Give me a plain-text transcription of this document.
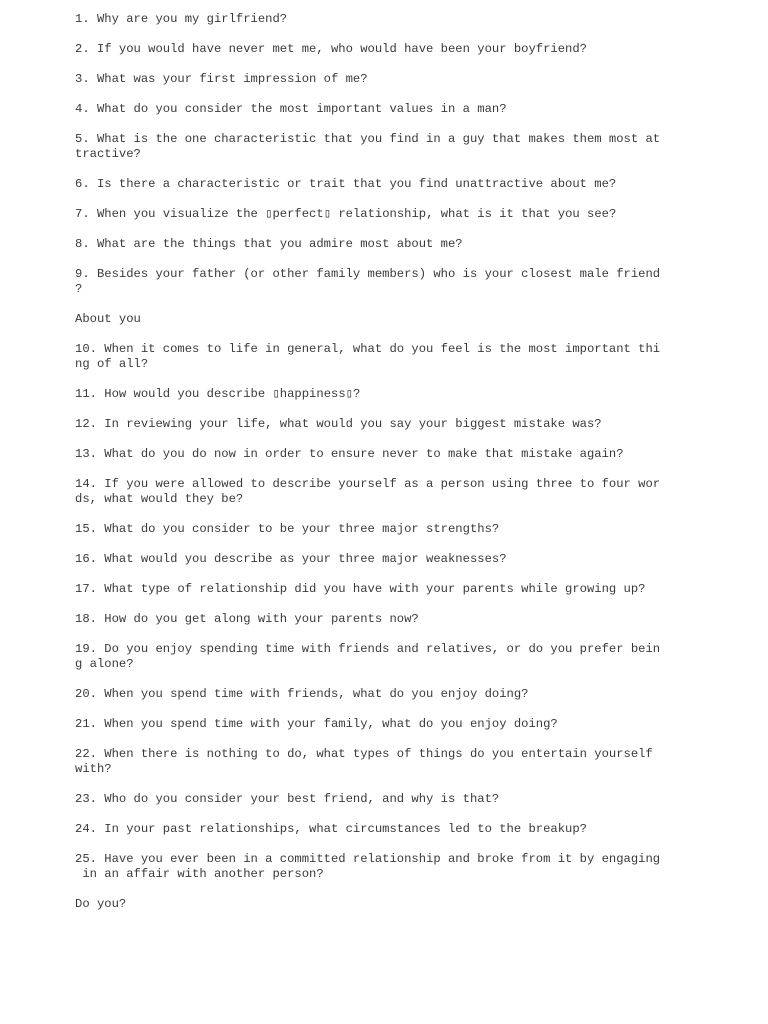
1. Why are you my girlfriend?

2. If you would have never met me, who would have been your boyfriend?

3. What was your first impression of me?

4. What do you consider the most important values in a man?

5. What is the one characteristic that you find in a guy that makes them most at
tractive?

6. Is there a characteristic or trait that you find unattractive about me?

7. When you visualize the ▯perfect▯ relationship, what is it that you see?

8. What are the things that you admire most about me?

9. Besides your father (or other family members) who is your closest male friend
?

About you

10. When it comes to life in general, what do you feel is the most important thi
ng of all?

11. How would you describe ▯happiness▯?

12. In reviewing your life, what would you say your biggest mistake was?

13. What do you do now in order to ensure never to make that mistake again?

14. If you were allowed to describe yourself as a person using three to four wor
ds, what would they be?

15. What do you consider to be your three major strengths?

16. What would you describe as your three major weaknesses?

17. What type of relationship did you have with your parents while growing up?

18. How do you get along with your parents now?

19. Do you enjoy spending time with friends and relatives, or do you prefer bein
g alone?

20. When you spend time with friends, what do you enjoy doing?

21. When you spend time with your family, what do you enjoy doing?

22. When there is nothing to do, what types of things do you entertain yourself
with?

23. Who do you consider your best friend, and why is that?

24. In your past relationships, what circumstances led to the breakup?

25. Have you ever been in a committed relationship and broke from it by engaging
in an affair with another person?

Do you?
